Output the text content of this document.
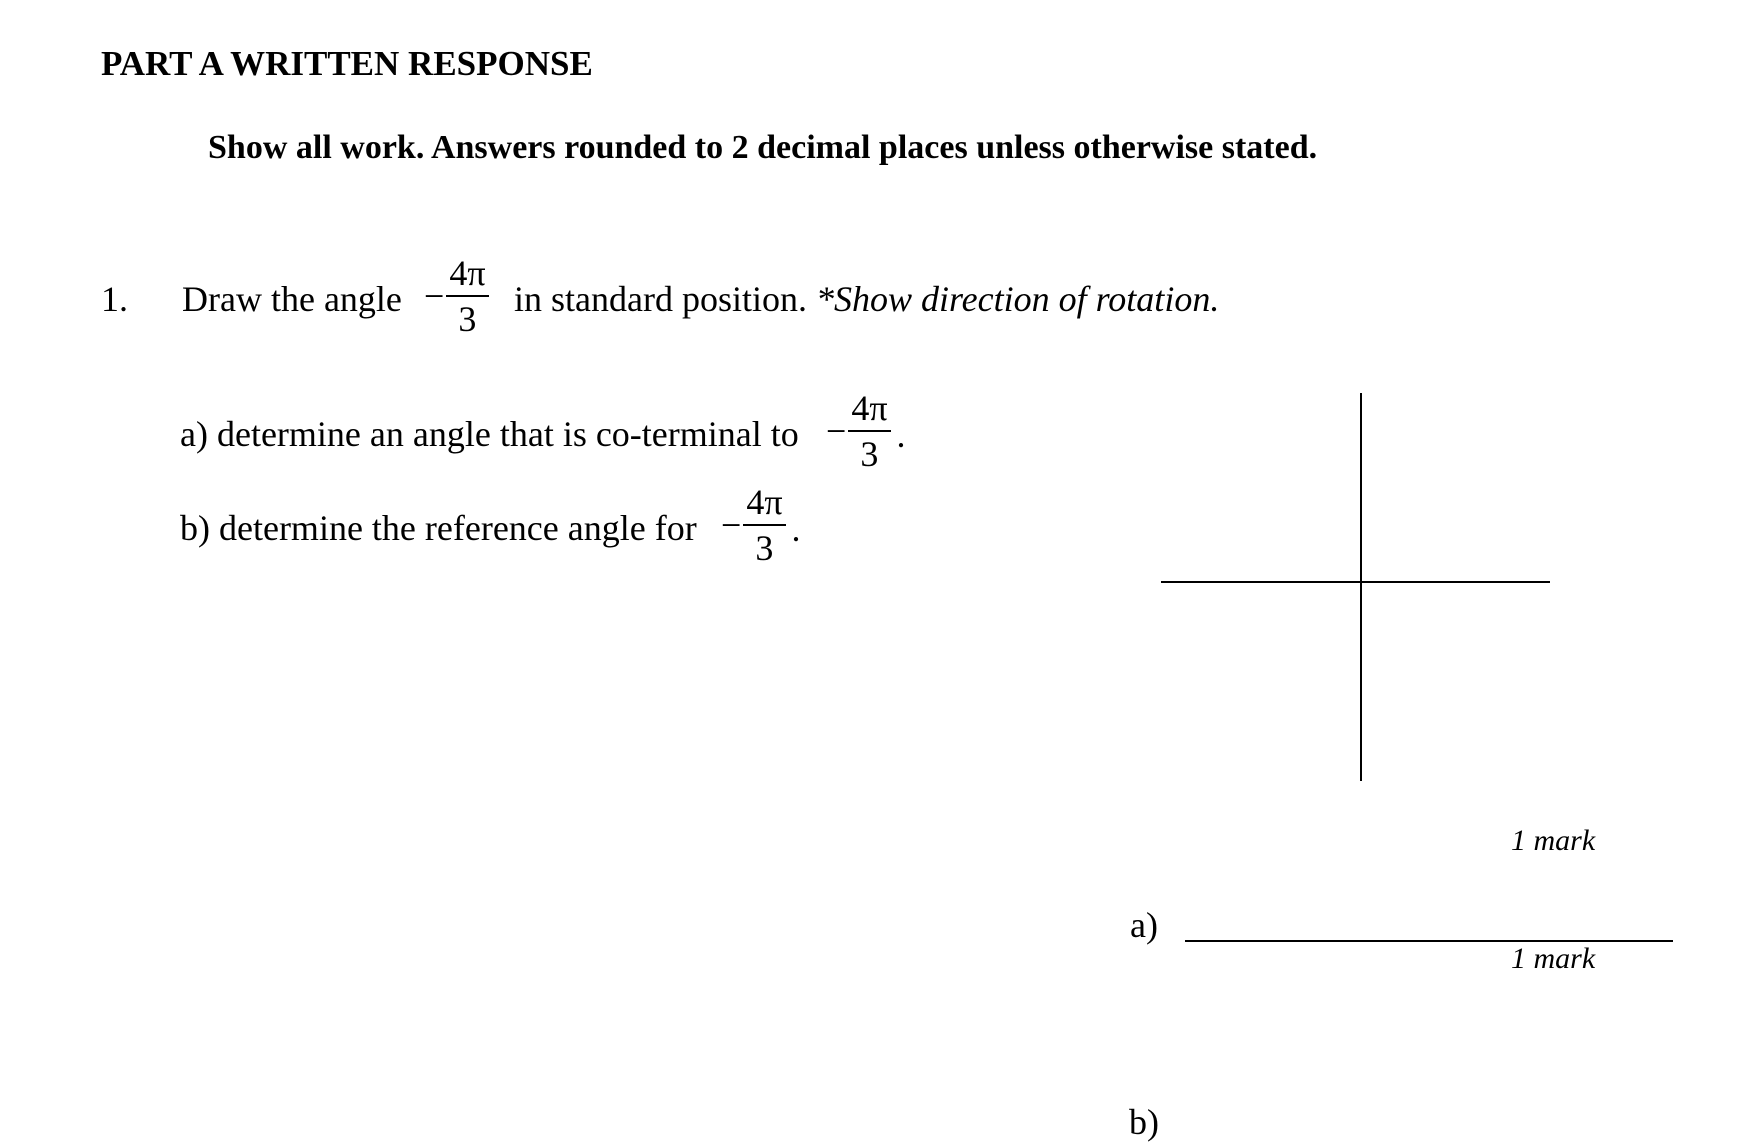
PART A WRITTEN RESPONSE
Show all work. Answers rounded to 2 decimal places unless otherwise stated.
1. Draw the angle − $\frac{4\pi}{3}$ in standard position. *Show direction of rotation.
a) determine an angle that is co-terminal to − $\frac{4\pi}{3}$ .
b) determine the reference angle for − $\frac{4\pi}{3}$ .
1 mark
a)
1 mark
b)
